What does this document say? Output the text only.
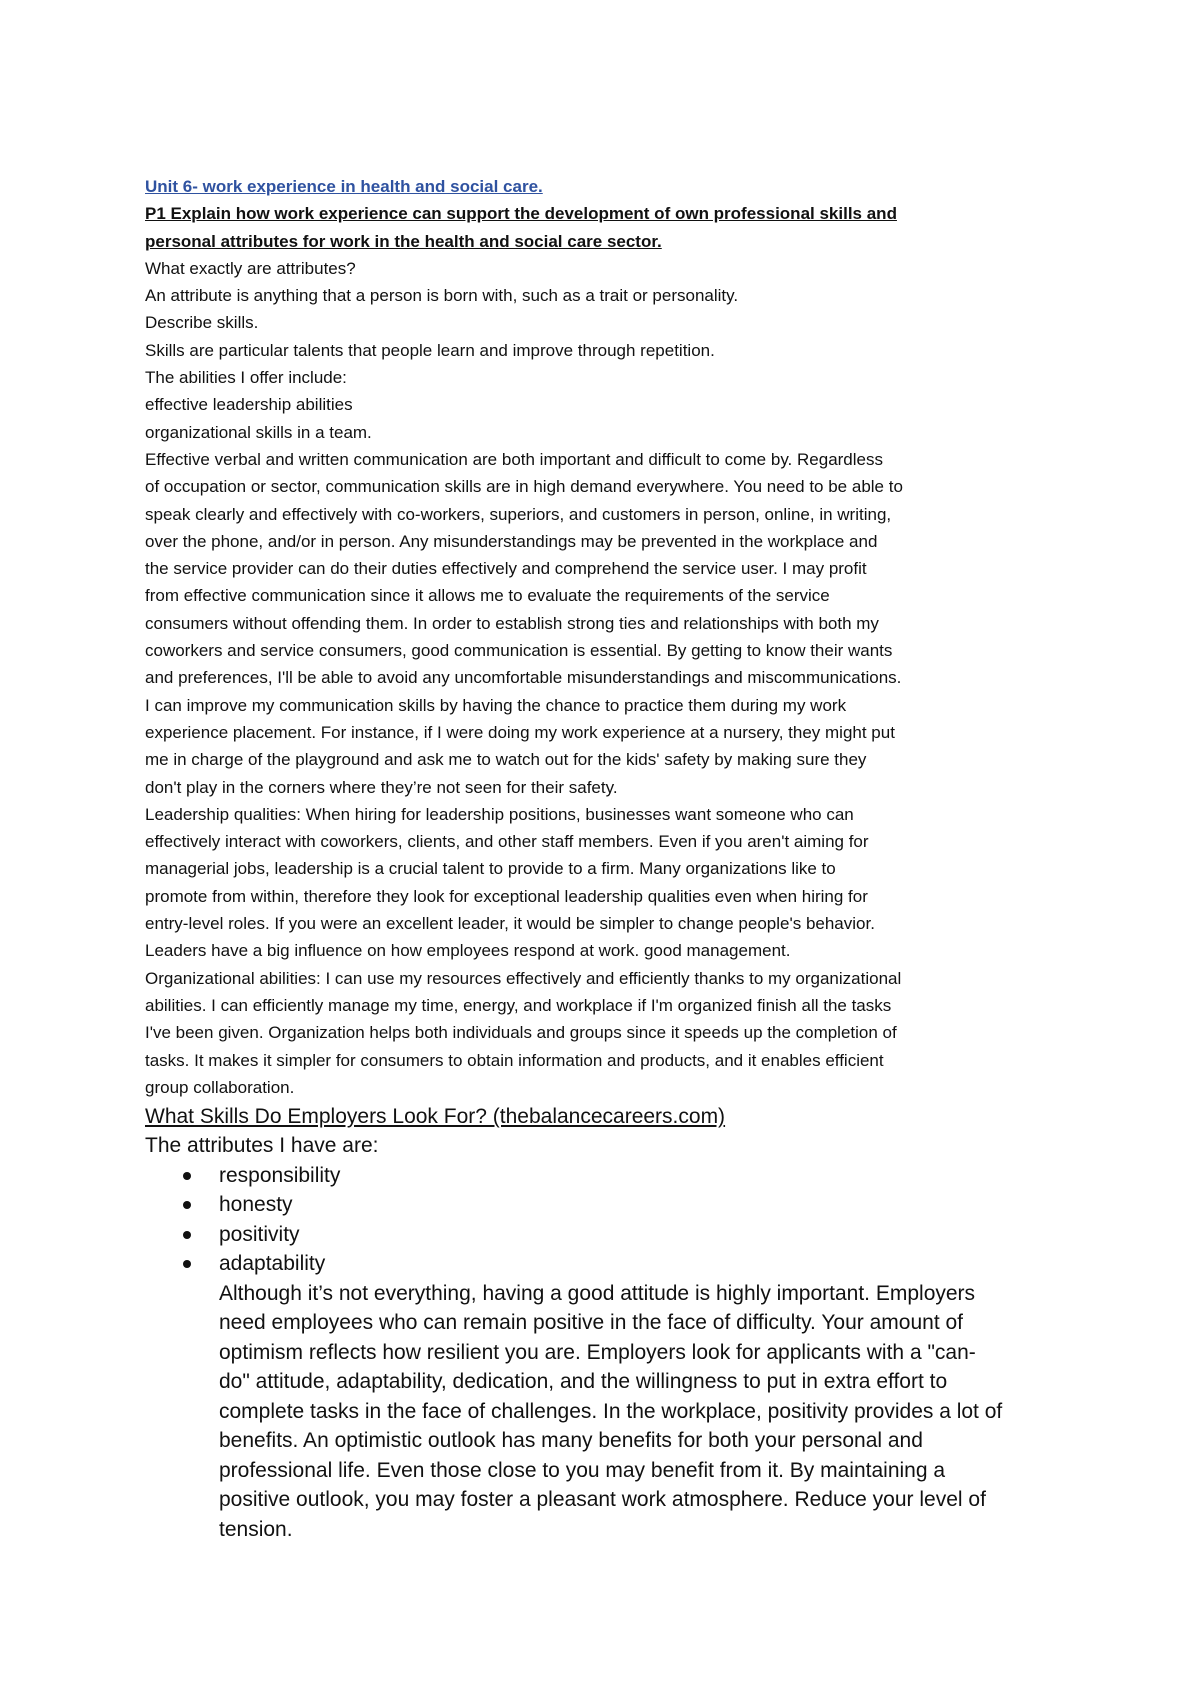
Unit 6- work experience in health and social care.
P1 Explain how work experience can support the development of own professional skills and
personal attributes for work in the health and social care sector.
What exactly are attributes?
An attribute is anything that a person is born with, such as a trait or personality.
Describe skills.
Skills are particular talents that people learn and improve through repetition.
The abilities I offer include:
effective leadership abilities
organizational skills in a team.
Effective verbal and written communication are both important and difficult to come by. Regardless
of occupation or sector, communication skills are in high demand everywhere. You need to be able to
speak clearly and effectively with co-workers, superiors, and customers in person, online, in writing,
over the phone, and/or in person. Any misunderstandings may be prevented in the workplace and
the service provider can do their duties effectively and comprehend the service user. I may profit
from effective communication since it allows me to evaluate the requirements of the service
consumers without offending them. In order to establish strong ties and relationships with both my
coworkers and service consumers, good communication is essential. By getting to know their wants
and preferences, I'll be able to avoid any uncomfortable misunderstandings and miscommunications.
I can improve my communication skills by having the chance to practice them during my work
experience placement. For instance, if I were doing my work experience at a nursery, they might put
me in charge of the playground and ask me to watch out for the kids' safety by making sure they
don't play in the corners where they’re not seen for their safety.
Leadership qualities: When hiring for leadership positions, businesses want someone who can
effectively interact with coworkers, clients, and other staff members. Even if you aren't aiming for
managerial jobs, leadership is a crucial talent to provide to a firm. Many organizations like to
promote from within, therefore they look for exceptional leadership qualities even when hiring for
entry-level roles. If you were an excellent leader, it would be simpler to change people's behavior.
Leaders have a big influence on how employees respond at work. good management.
Organizational abilities: I can use my resources effectively and efficiently thanks to my organizational
abilities. I can efficiently manage my time, energy, and workplace if I'm organized finish all the tasks
I've been given. Organization helps both individuals and groups since it speeds up the completion of
tasks. It makes it simpler for consumers to obtain information and products, and it enables efficient
group collaboration.
What Skills Do Employers Look For? (thebalancecareers.com)
The attributes I have are:
responsibility
honesty
positivity
adaptability
Although it’s not everything, having a good attitude is highly important. Employers
need employees who can remain positive in the face of difficulty. Your amount of
optimism reflects how resilient you are. Employers look for applicants with a "can-
do" attitude, adaptability, dedication, and the willingness to put in extra effort to
complete tasks in the face of challenges. In the workplace, positivity provides a lot of
benefits. An optimistic outlook has many benefits for both your personal and
professional life. Even those close to you may benefit from it. By maintaining a
positive outlook, you may foster a pleasant work atmosphere. Reduce your level of
tension.
